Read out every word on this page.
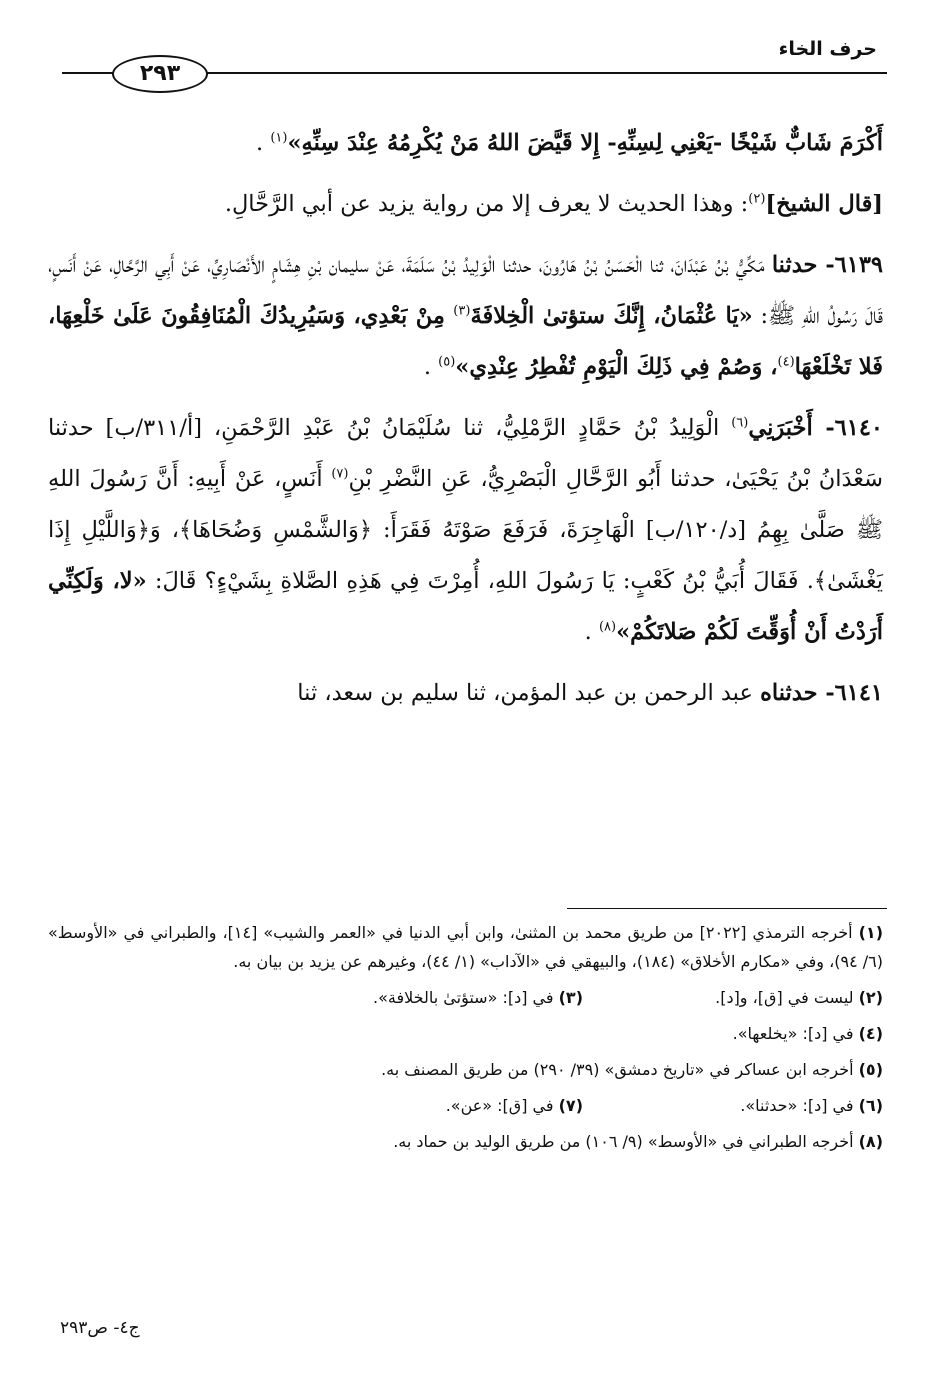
حرف الخاء
٢٩٣

أَكْرَمَ شَابٌّ شَيْخًا -يَعْنِي لِسِنِّهِ- إِلا قَيَّضَ اللهُ مَنْ يُكْرِمُهُ عِنْدَ سِنِّهِ»$^{(١)}$ .

[قال الشيخ]$^{(٢)}$: وهذا الحديث لا يعرف إلا من رواية يزيد عن أبي الرَّحَّالِ.

٦١٣٩- حدثنا مَكِّيُّ بْنُ عَبْدَانَ، ثنا الْحَسَنُ بْنُ هَارُونَ، حدثنا الْوَلِيدُ بْنُ سَلَمَةَ، عَنْ سليمان بْنِ هِشَامٍ الأَنْصَارِيِّ، عَنْ أَبِي الرَّحَّالِ، عَنْ أَنَسٍ، قَالَ رَسُولُ اللهِ ﷺ: «يَا عُثْمَانُ، إِنَّكَ ستؤتىٰ الْخِلافَةَ$^{(٣)}$ مِنْ بَعْدِي، وَسَيُرِيدُكَ الْمُنَافِقُونَ عَلَىٰ خَلْعِهَا، فَلا تَخْلَعْهَا$^{(٤)}$، وَصُمْ فِي ذَلِكَ الْيَوْمِ تُفْطِرُ عِنْدِي»$^{(٥)}$ .

٦١٤٠- أَخْبَرَنِي$^{(٦)}$ الْوَلِيدُ بْنُ حَمَّادٍ الرَّمْلِيُّ، ثنا سُلَيْمَانُ بْنُ عَبْدِ الرَّحْمَنِ، [أ/٣١١/ب] حدثنا سَعْدَانُ بْنُ يَحْيَىٰ، حدثنا أَبُو الرَّحَّالِ الْبَصْرِيُّ، عَنِ النَّضْرِ بْنِ$^{(٧)}$ أَنَسٍ، عَنْ أَبِيهِ: أَنَّ رَسُولَ اللهِ ﷺ صَلَّىٰ بِهِمُ [د/١٢٠/ب] الْهَاجِرَةَ، فَرَفَعَ صَوْتَهُ فَقَرَأَ: ﴿وَالشَّمْسِ وَضُحَاهَا﴾، وَ﴿وَاللَّيْلِ إِذَا يَغْشَىٰ﴾. فَقَالَ أُبَيُّ بْنُ كَعْبٍ: يَا رَسُولَ اللهِ، أُمِرْتَ فِي هَذِهِ الصَّلاةِ بِشَيْءٍ؟ قَالَ: «لا، وَلَكِنِّي أَرَدْتُ أَنْ أُوَقِّتَ لَكُمْ صَلاتَكُمْ»$^{(٨)}$ .

٦١٤١- حدثناه عبد الرحمن بن عبد المؤمن، ثنا سليم بن سعد، ثنا

(١) أخرجه الترمذي [٢٠٢٢] من طريق محمد بن المثنىٰ، وابن أبي الدنيا في «العمر والشيب» [١٤]، والطبراني في «الأوسط» (٦/ ٩٤)، وفي «مكارم الأخلاق» (١٨٤)، والبيهقي في «الآداب» (١/ ٤٤)، وغيرهم عن يزيد بن بيان به.
(٢) ليست في [ق]، و[د].
(٣) في [د]: «ستؤتىٰ بالخلافة».
(٤) في [د]: «يخلعها».
(٥) أخرجه ابن عساكر في «تاريخ دمشق» (٣٩/ ٢٩٠) من طريق المصنف به.
(٦) في [د]: «حدثنا».
(٧) في [ق]: «عن».
(٨) أخرجه الطبراني في «الأوسط» (٩/ ١٠٦) من طريق الوليد بن حماد به.
ج٤- ص٢٩٣
